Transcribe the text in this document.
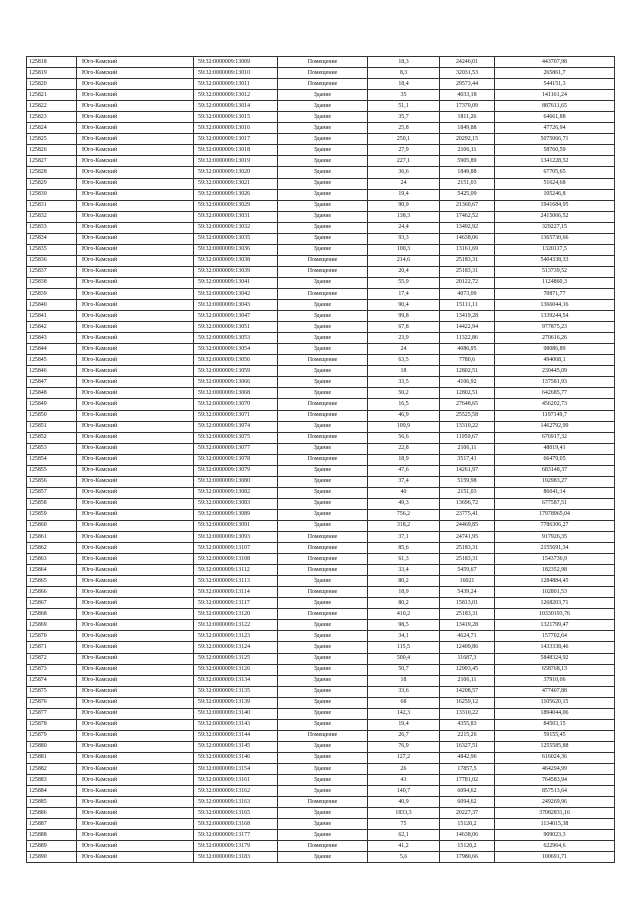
125818	Юго-Камский	59:32:0000009:13009	Помещение	18,3	24246,01	443707,98
125819	Юго-Камский	59:32:0000009:13010	Помещение	8,3	32031,53	265861,7
125820	Юго-Камский	59:32:0000009:13011	Помещение	18,4	29573,44	544151,3
125821	Юго-Камский	59:32:0000009:13012	Здание	35	4033,18	141161,24
125822	Юго-Камский	59:32:0000009:13014	Здание	51,1	17370,09	887611,65
125823	Юго-Камский	59:32:0000009:13015	Здание	35,7	1811,26	64661,88
125824	Юго-Камский	59:32:0000009:13016	Здание	25,8	1849,88	47726,94
125825	Юго-Камский	59:32:0000009:13017	Здание	250,1	20292,15	5075066,71
125826	Юго-Камский	59:32:0000009:13018	Здание	27,9	2106,11	58760,59
125827	Юго-Камский	59:32:0000009:13019	Здание	227,1	5905,89	1341228,52
125828	Юго-Камский	59:32:0000009:13020	Здание	36,6	1849,88	67705,65
125829	Юго-Камский	59:32:0000009:13021	Здание	24	2151,03	51624,68
125830	Юго-Камский	59:32:0000009:13026	Здание	19,4	5425,09	105246,8
125831	Юго-Камский	59:32:0000009:13029	Здание	90,9	21360,67	1941684,95
125832	Юго-Камский	59:32:0000009:13031	Здание	138,3	17462,52	2415066,52
125833	Юго-Камский	59:32:0000009:13032	Здание	24,4	13492,92	329227,15
125834	Юго-Камский	59:32:0000009:13035	Здание	93,3	14638,06	1365730,66
125835	Юго-Камский	59:32:0000009:13036	Здание	100,3	13161,69	1320117,5
125836	Юго-Камский	59:32:0000009:13038	Помещение	214,6	25183,31	5404338,33
125837	Юго-Камский	59:32:0000009:13039	Помещение	20,4	25183,31	513739,52
125838	Юго-Камский	59:32:0000009:13041	Здание	55,9	20122,72	1124860,3
125839	Юго-Камский	59:32:0000009:13042	Помещение	17,4	4073,09	70871,77
125840	Юго-Камский	59:32:0000009:13043	Здание	90,4	15111,11	1366044,16
125841	Юго-Камский	59:32:0000009:13047	Здание	99,8	13419,28	1339244,54
125842	Юго-Камский	59:32:0000009:13051	Здание	67,8	14422,94	977875,23
125843	Юго-Камский	59:32:0000009:13053	Здание	23,9	11322,86	270616,26
125844	Юго-Камский	59:32:0000009:13054	Здание	24	4086,95	98086,89
125845	Юго-Камский	59:32:0000009:13056	Помещение	63,5	7780,6	494068,1
125846	Юго-Камский	59:32:0000009:13059	Здание	18	12802,51	230445,09
125847	Юго-Камский	59:32:0000009:13066	Здание	33,5	4106,92	137581,93
125848	Юго-Камский	59:32:0000009:13068	Здание	50,2	12802,51	642685,77
125849	Юго-Камский	59:32:0000009:13070	Помещение	16,5	27648,65	456202,73
125850	Юго-Камский	59:32:0000009:13071	Помещение	46,9	25525,58	1197149,7
125851	Юго-Камский	59:32:0000009:13074	Здание	109,9	13310,22	1462792,99
125852	Юго-Камский	59:32:0000009:13075	Помещение	56,6	11959,67	676917,32
125853	Юго-Камский	59:32:0000009:13077	Здание	22,8	2106,11	48019,41
125854	Юго-Камский	59:32:0000009:13078	Помещение	18,9	3517,41	66479,05
125855	Юго-Камский	59:32:0000009:13079	Здание	47,6	14261,97	683148,37
125856	Юго-Камский	59:32:0000009:13080	Здание	37,4	5159,98	192983,27
125857	Юго-Камский	59:32:0000009:13082	Здание	40	2151,03	86041,14
125858	Юго-Камский	59:32:0000009:13083	Здание	49,3	13696,72	677587,51
125859	Юго-Камский	59:32:0000009:13089	Здание	756,2	23775,41	17978965,04
125860	Юго-Камский	59:32:0000009:13091	Здание	318,2	24469,85	7786306,27
125861	Юго-Камский	59:32:0000009:13093	Помещение	37,1	24741,95	917926,35
125862	Юго-Камский	59:32:0000009:13107	Помещение	85,6	25183,31	2155691,34
125863	Юго-Камский	59:32:0000009:13108	Помещение	61,3	25183,31	1543736,9
125864	Юго-Камский	59:32:0000009:13112	Помещение	33,4	5459,67	182352,98
125865	Юго-Камский	59:32:0000009:13113	Здание	80,2	16021	1284884,45
125866	Юго-Камский	59:32:0000009:13114	Помещение	18,9	5439,24	102801,53
125867	Юго-Камский	59:32:0000009:13117	Здание	80,2	15813,01	1268203,71
125868	Юго-Камский	59:32:0000009:13120	Помещение	410,2	25183,31	10330193,76
125869	Юго-Камский	59:32:0000009:13122	Здание	98,5	13419,28	1321799,47
125870	Юго-Камский	59:32:0000009:13123	Здание	34,1	4624,71	157702,64
125871	Юго-Камский	59:32:0000009:13124	Здание	115,5	12409,86	1433338,46
125872	Юго-Камский	59:32:0000009:13125	Здание	500,4	11687,3	5848324,92
125873	Юго-Камский	59:32:0000009:13126	Здание	50,7	12993,45	658768,13
125874	Юго-Камский	59:32:0000009:13134	Здание	18	2106,11	37910,06
125875	Юго-Камский	59:32:0000009:13135	Здание	33,6	14208,57	477407,88
125876	Юго-Камский	59:32:0000009:13139	Здание	68	16259,12	1105620,15
125877	Юго-Камский	59:32:0000009:13140	Здание	142,3	13310,22	1894044,06
125878	Юго-Камский	59:32:0000009:13143	Здание	19,4	4355,83	84503,15
125879	Юго-Камский	59:32:0000009:13144	Помещение	26,7	2215,26	59155,45
125880	Юго-Камский	59:32:0000009:13145	Здание	76,9	16327,51	1255585,88
125881	Юго-Камский	59:32:0000009:13146	Здание	127,2	4842,96	616024,36
125882	Юго-Камский	59:32:0000009:13154	Здание	26	17857,5	464294,99
125883	Юго-Камский	59:32:0000009:13161	Здание	43	17781,02	764583,94
125884	Юго-Камский	59:32:0000009:13162	Здание	140,7	6094,62	857513,64
125885	Юго-Камский	59:32:0000009:13163	Помещение	40,9	6094,62	249269,96
125886	Юго-Камский	59:32:0000009:13165	Здание	1833,3	20227,37	37082831,16
125887	Юго-Камский	59:32:0000009:13168	Здание	75	15120,2	1134015,38
125888	Юго-Камский	59:32:0000009:13177	Здание	62,1	14638,06	909023,3
125889	Юго-Камский	59:32:0000009:13179	Помещение	41,2	15120,2	622964,6
125890	Юго-Камский	59:32:0000009:13183	Здание	5,6	17980,66	100691,71
